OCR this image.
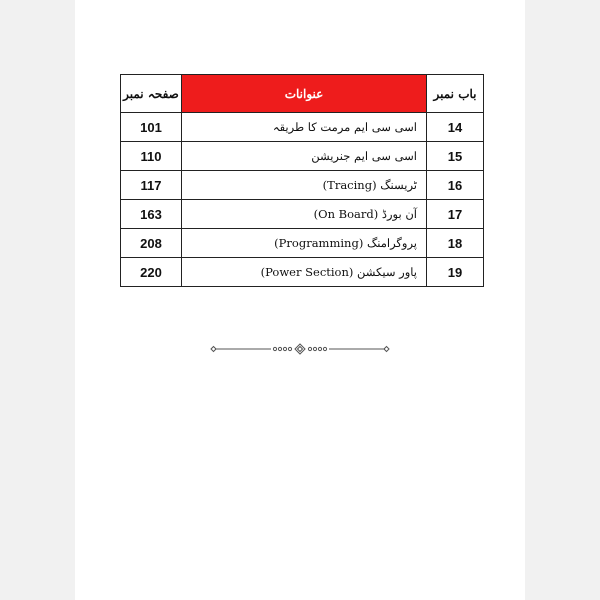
باب نمبر	عنوانات	صفحہ نمبر
14	اسی سی ایم مرمت کا طریقہ	101
15	اسی سی ایم جنریشن	110
16	ٹریسنگ (Tracing)	117
17	آن بورڈ (On Board)	163
18	پروگرامنگ (Programming)	208
19	پاور سیکشن (Power Section)	220
